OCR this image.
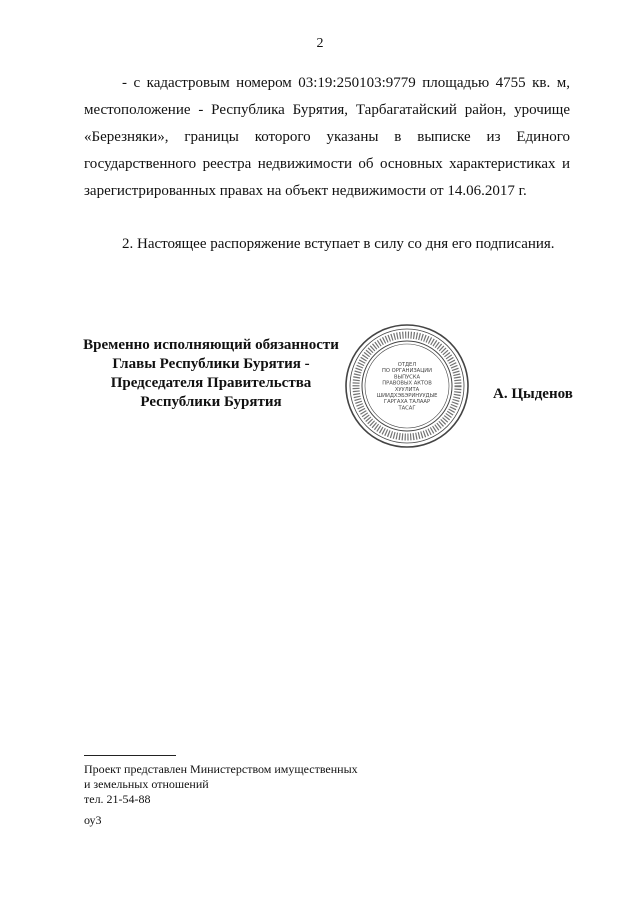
2

- с кадастровым номером 03:19:250103:9779 площадью 4755 кв. м, местоположение - Республика Бурятия, Тарбагатайский район, урочище «Березняки», границы которого указаны в выписке из Единого государственного реестра недвижимости об основных характеристиках и зарегистрированных правах на объект недвижимости от 14.06.2017 г.

2. Настоящее распоряжение вступает в силу со дня его подписания.

Временно исполняющий обязанности
Главы Республики Бурятия -
Председателя Правительства
Республики Бурятия
ОТДЕЛ
ПО ОРГАНИЗАЦИИ
ВЫПУСКА
ПРАВОВЫХ АКТОВ
ХУУЛИТА
ШИИДХЭБЭРИНУУДЫЕ
ГАРГАХА ТАЛААР
ТАСАГ
А. Цыденов
Проект представлен Министерством имущественных
и земельных отношений
тел. 21-54-88
оу3
